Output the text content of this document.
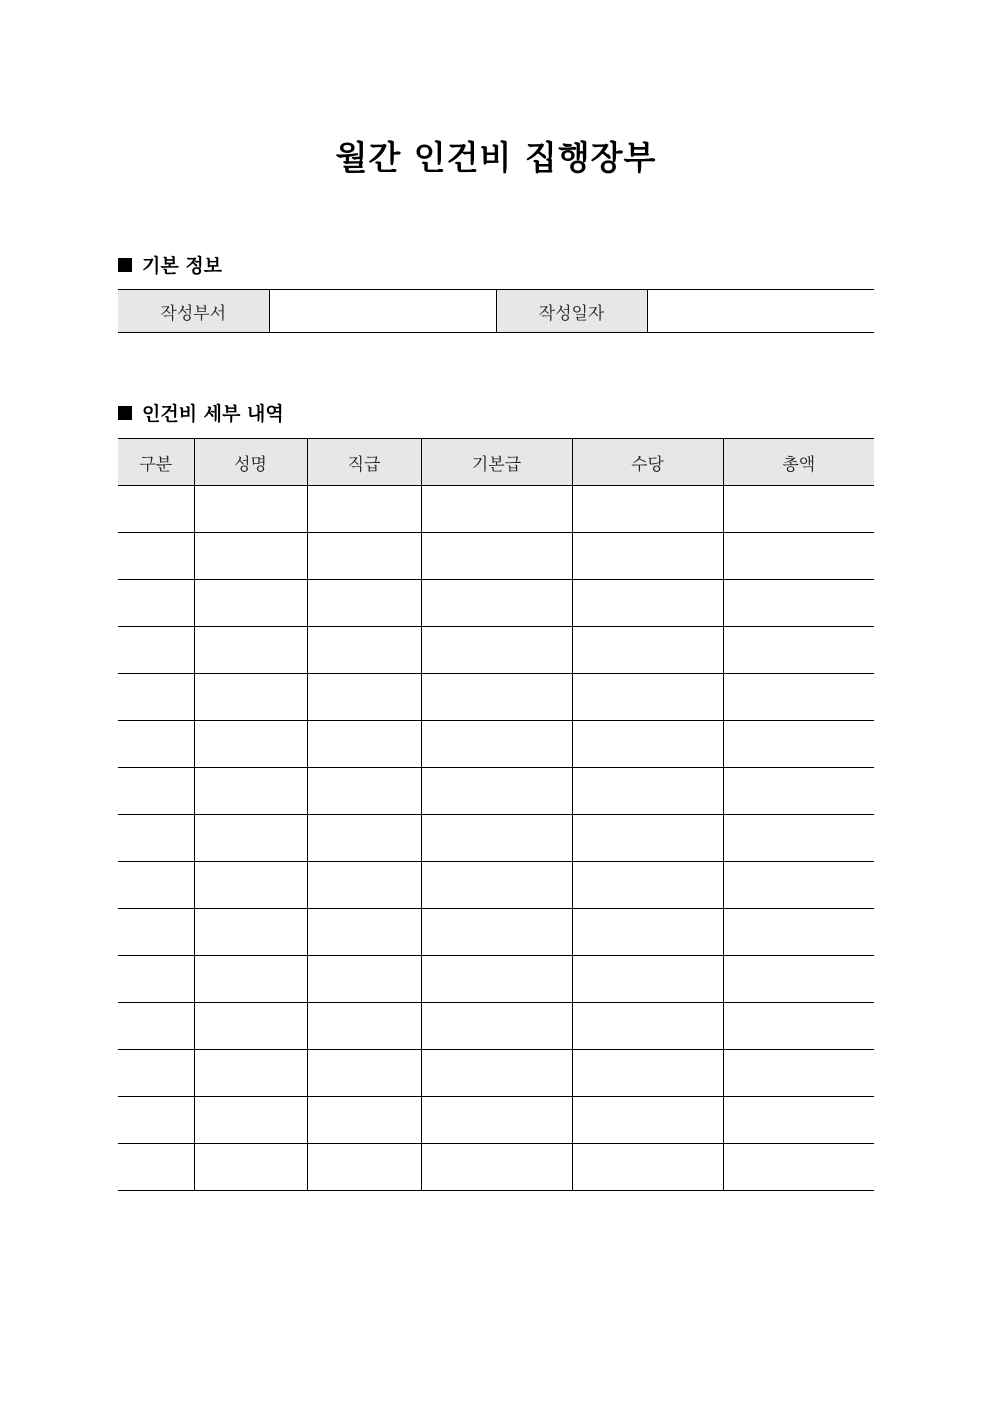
월간 인건비 집행장부
기본 정보
작성부서		작성일자	
인건비 세부 내역
구분	성명	직급	기본급	수당	총액
